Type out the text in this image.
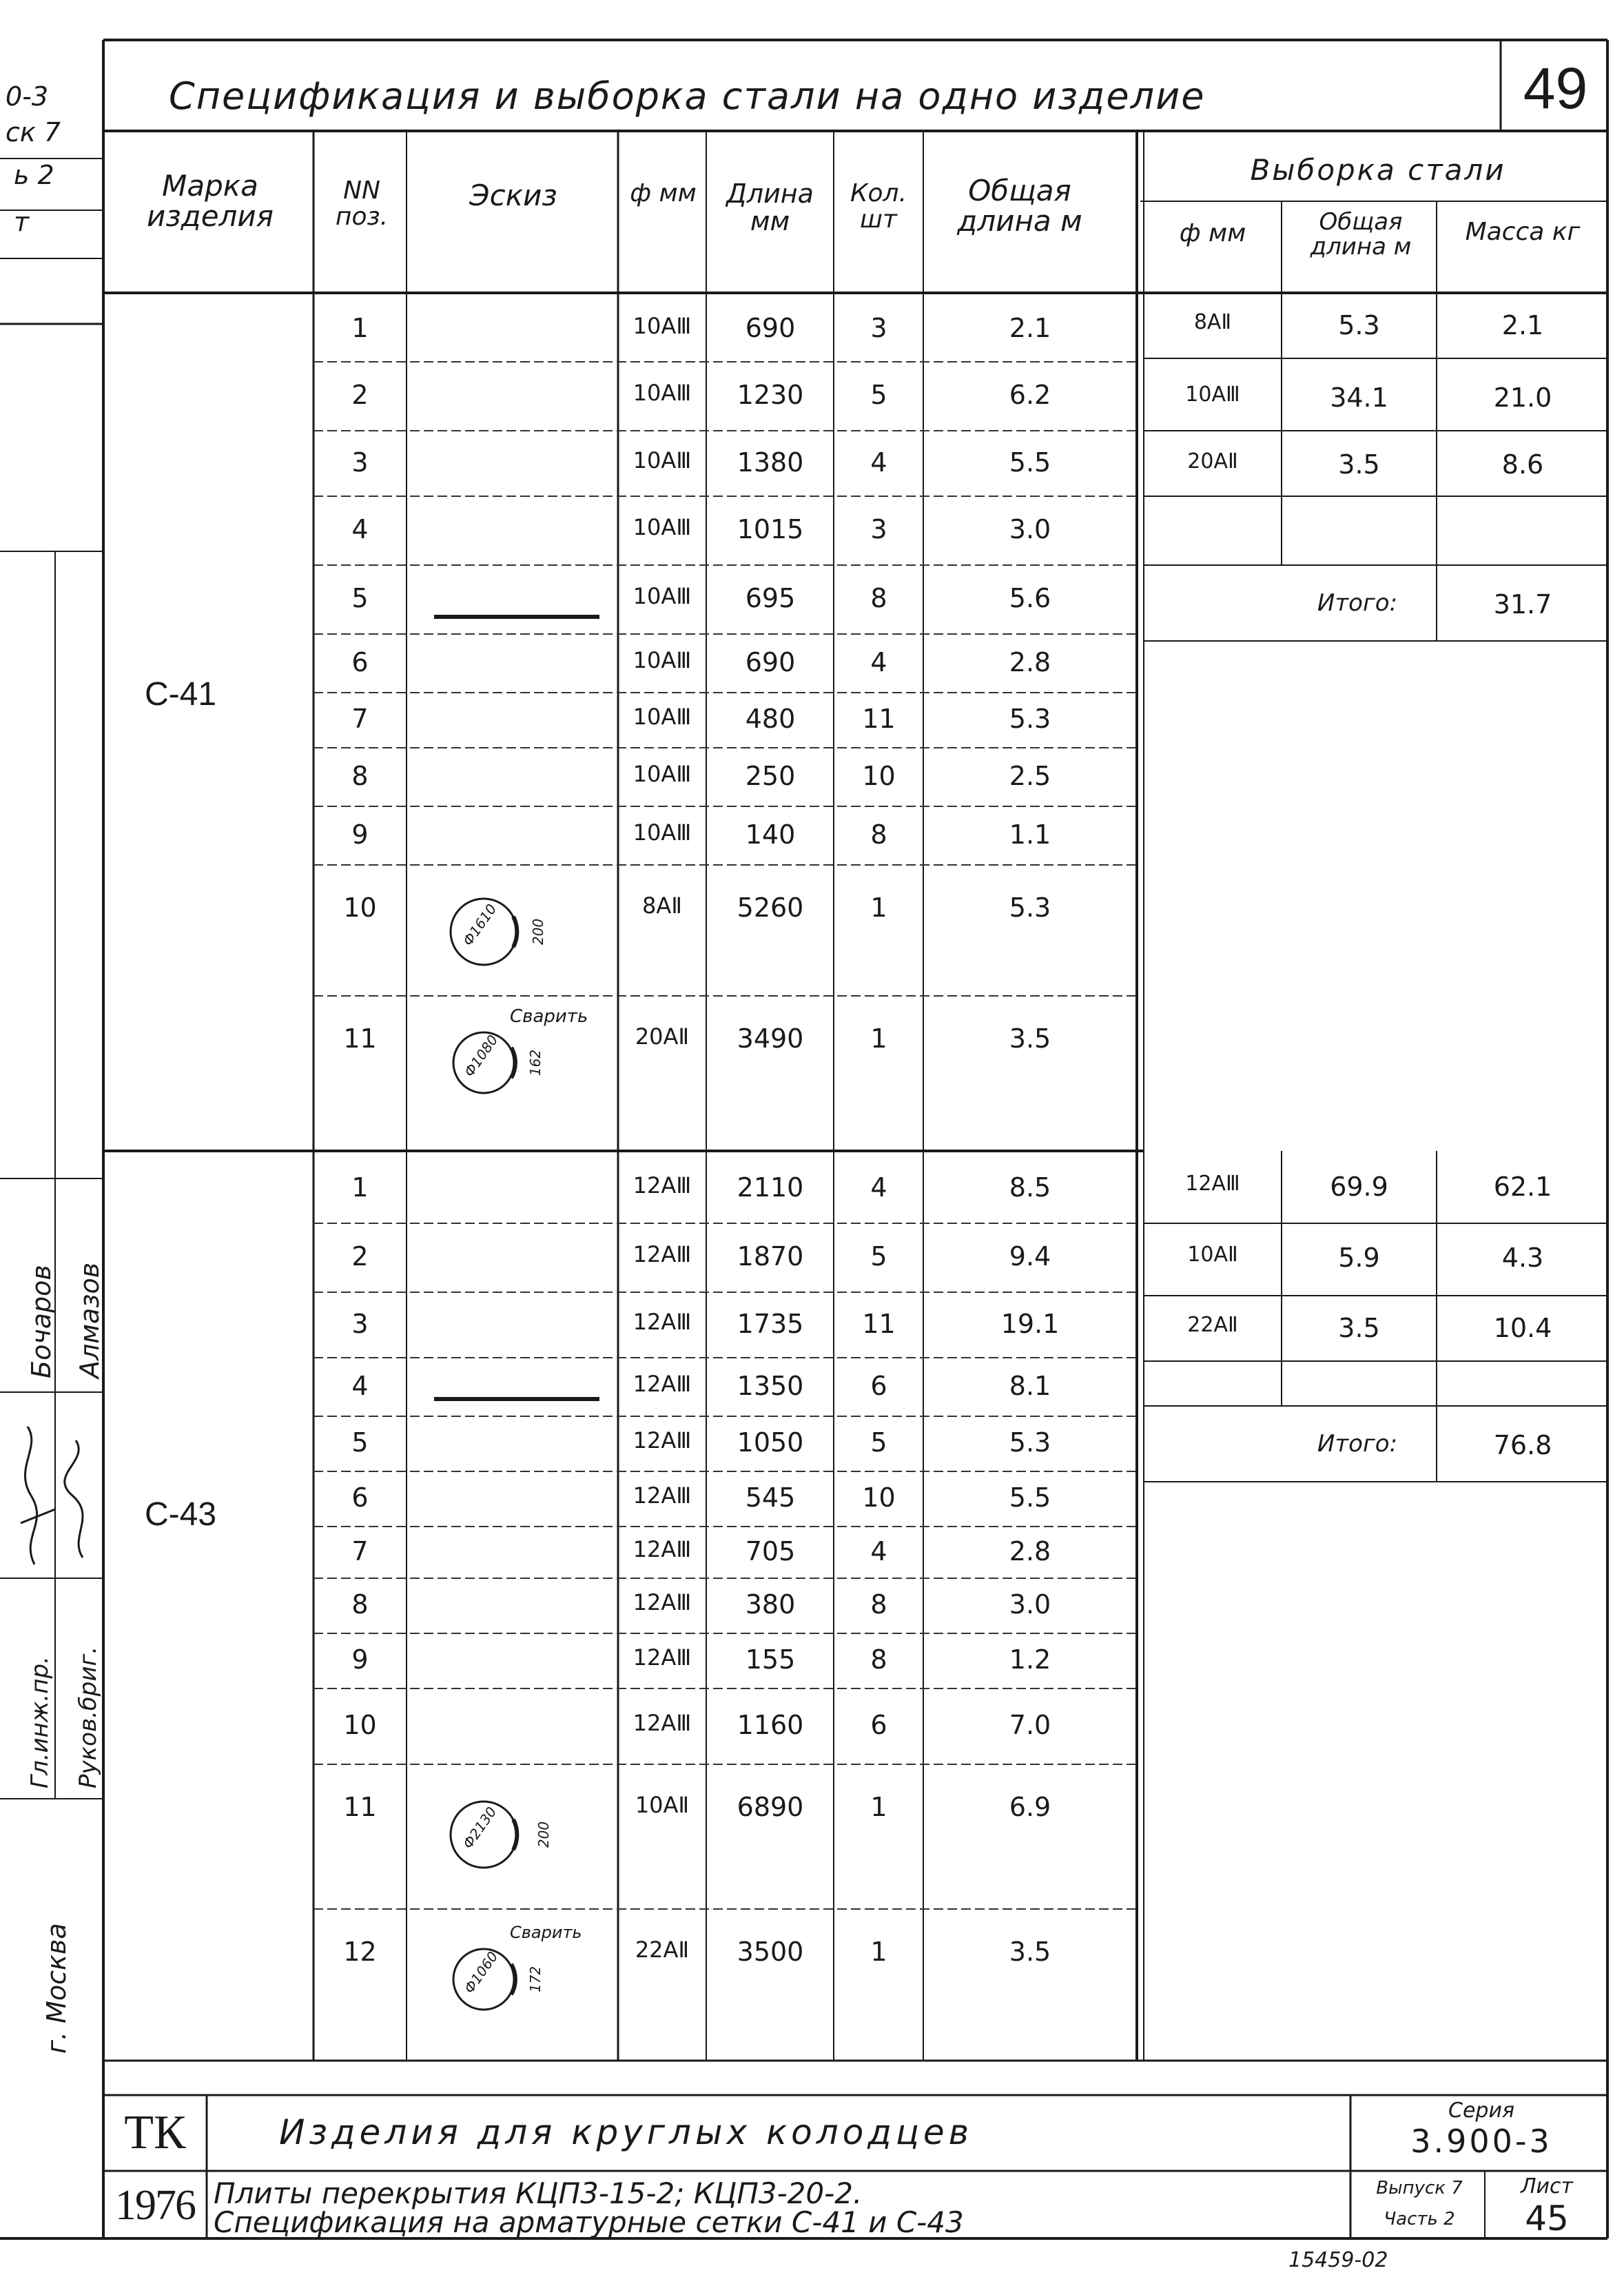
Спецификация и выборка стали на одно изделие	49
0-3
ск 7
ь 2
т
Бочаров Алмазов
Гл.инж.пр. Руков.бриг.
г. Москва
Марка изделия
NN поз.
Эскиз	ф мм	Длина мм
Кол. шт
Общая длина м
Выборка стали
ф мм	Общая длина м
Масса кг
С-41
С-43
1	10АⅢ	690	3	2.1
2	10АⅢ	1230	5	6.2
3	10АⅢ	1380	4	5.5
4	10АⅢ	1015	3	3.0
5	10АⅢ	695	8	5.6
6	10АⅢ	690	4	2.8
7	10АⅢ	480	11	5.3
8	10АⅢ	250	10	2.5
9	10АⅢ	140	8	1.1
10	8АⅡ	5260	1	5.3
11	20АⅡ	3490	1	3.5
1	12АⅢ	2110	4	8.5
2	12АⅢ	1870	5	9.4
3	12АⅢ	1735	11	19.1
4	12АⅢ	1350	6	8.1
5	12АⅢ	1050	5	5.3
6	12АⅢ	545	10	5.5
7	12АⅢ	705	4	2.8
8	12АⅢ	380	8	3.0
9	12АⅢ	155	8	1.2
10	12АⅢ	1160	6	7.0
11	10АⅡ	6890	1	6.9
12	22АⅡ	3500	1	3.5
Ф1610 200
Сварить
Ф1080 162
Ф2130	200
Сварить
Ф1060 172
8АⅡ	5.3	2.1
10АⅢ	34.1	21.0
20АⅡ	3.5	8.6
Итого:	31.7
12АⅢ	69.9	62.1
10АⅡ	5.9	4.3
22АⅡ	3.5	10.4
Итого:	76.8
ТК
1976
Изделия для круглых колодцев
Плиты перекрытия КЦП3-15-2; КЦП3-20-2.
Спецификация на арматурные сетки С-41 и С-43
Серия
3.900-3
Выпуск 7
Часть 2
Лист
45
15459-02
